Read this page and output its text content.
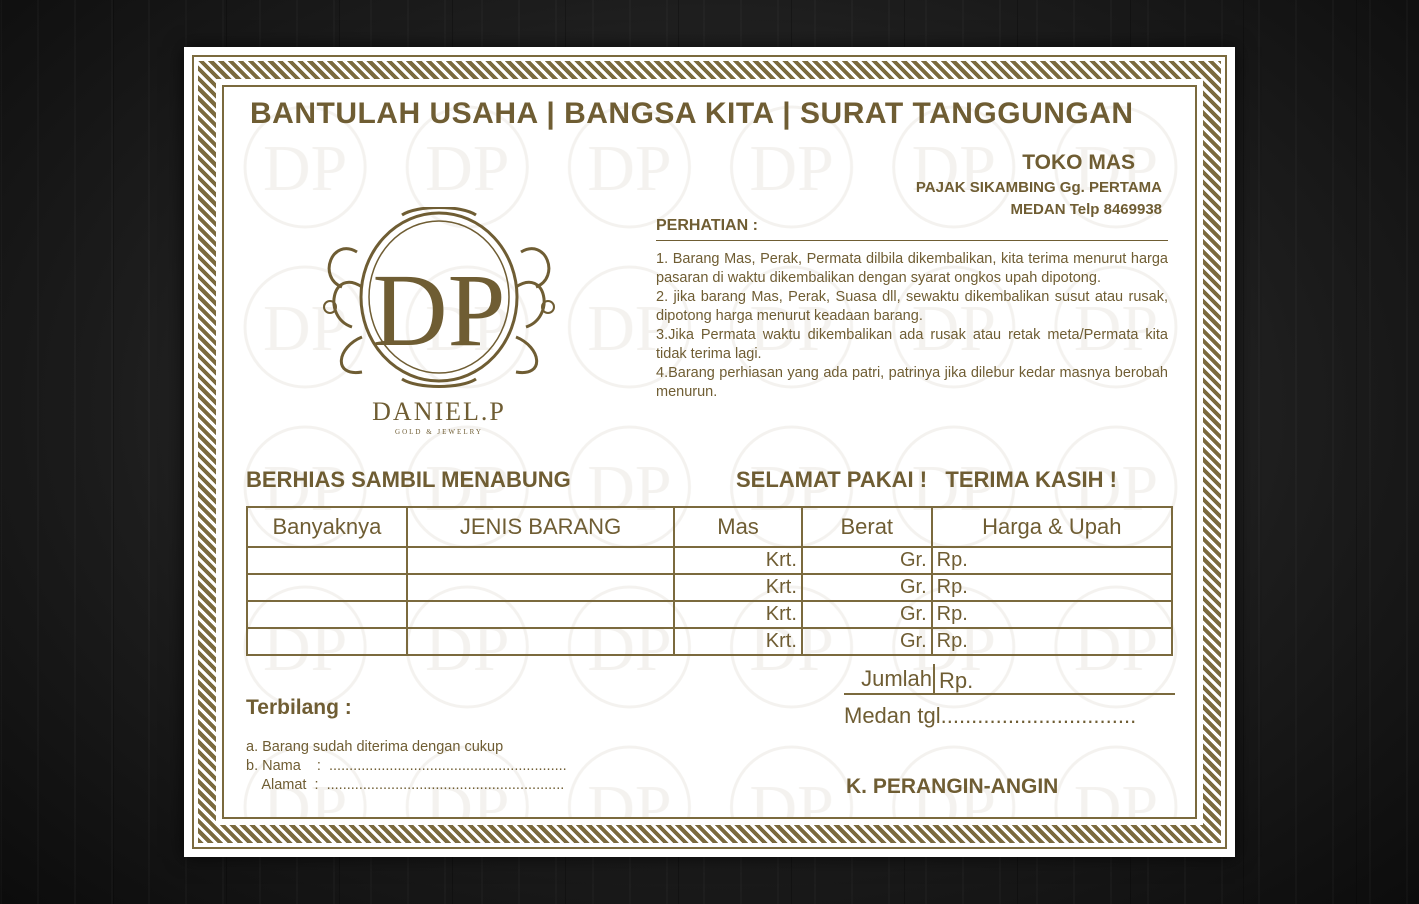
BANTULAH USAHA | BANGSA KITA | SURAT TANGGUNGAN
TOKO MAS
PAJAK SIKAMBING Gg. PERTAMA
MEDAN Telp 8469938
DP
DANIEL.P
GOLD & JEWELRY
PERHATIAN :

1. Barang Mas, Perak, Permata dilbila dikembalikan, kita terima menurut harga pasaran di waktu dikembalikan dengan syarat ongkos upah dipotong.

2. jika barang Mas, Perak, Suasa dll, sewaktu dikembalikan susut atau rusak, dipotong harga menurut keadaan barang.

3.Jika Permata waktu dikembalikan ada rusak atau retak meta/Permata kita tidak terima lagi.

4.Barang perhiasan yang ada patri, patrinya jika dilebur kedar masnya berobah menurun.

BERHIAS SAMBIL MENABUNG	SELAMAT PAKAI !   TERIMA KASIH !
Banyaknya	JENIS BARANG	Mas	Berat	Harga & Upah
		Krt.	Gr.	Rp.
		Krt.	Gr.	Rp.
		Krt.	Gr.	Rp.
		Krt.	Gr.	Rp.
Jumlah Rp.
Medan tgl................................
Terbilang :
a. Barang sudah diterima dengan cukup
b. Nama    :  ...........................................................
Alamat  :  ...........................................................	K. PERANGIN-ANGIN
